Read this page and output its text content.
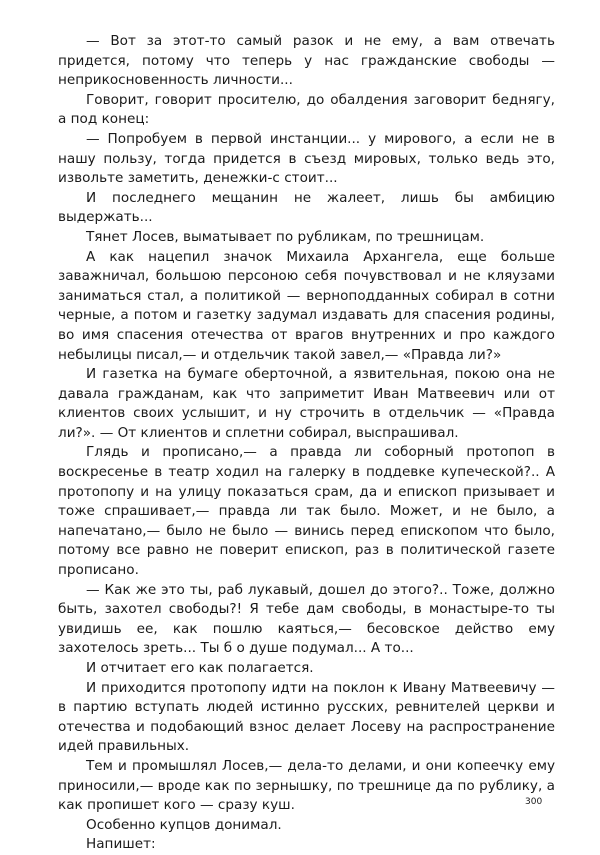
— Вот за этот-то самый разок и не ему, а вам отвечать придется, потому что теперь у нас гражданские свободы — неприкосновенность личности...

Говорит, говорит просителю, до обалдения заговорит беднягу, а под конец:

— Попробуем в первой инстанции... у мирового, а если не в нашу пользу, тогда придется в съезд мировых, только ведь это, извольте заметить, денежки-с стоит...

И последнего мещанин не жалеет, лишь бы амбицию выдержать...

Тянет Лосев, выматывает по рубликам, по трешницам.

А как нацепил значок Михаила Архангела, еще больше заважничал, большою персоною себя почувствовал и не кляузами заниматься стал, а политикой — верноподданных собирал в сотни черные, а потом и газетку задумал издавать для спасения родины, во имя спасения отечества от врагов внутренних и про каждого небылицы писал,— и отдельчик такой завел,— «Правда ли?»

И газетка на бумаге оберточной, а язвительная, покою она не давала гражданам, как что заприметит Иван Матвеевич или от клиентов своих услышит, и ну строчить в отдельчик — «Правда ли?». — От клиентов и сплетни собирал, выспрашивал.

Глядь и прописано,— а правда ли соборный протопоп в воскресенье в театр ходил на галерку в поддевке купеческой?.. А протопопу и на улицу показаться срам, да и епископ призывает и тоже спрашивает,— правда ли так было. Может, и не было, а напечатано,— было не было — винись перед епископом что было, потому все равно не поверит епископ, раз в политической газете прописано.

— Как же это ты, раб лукавый, дошел до этого?.. Тоже, должно быть, захотел свободы?! Я тебе дам свободы, в монастыре-то ты увидишь ее, как пошлю каяться,— бесовское действо ему захотелось зреть... Ты б о душе подумал... А то...

И отчитает его как полагается.

И приходится протопопу идти на поклон к Ивану Матвеевичу — в партию вступать людей истинно русских, ревнителей церкви и отечества и подобающий взнос делает Лосеву на распространение идей правильных.

Тем и промышлял Лосев,— дела-то делами, и они копеечку ему приносили,— вроде как по зернышку, по трешнице да по рублику, а как пропишет кого — сразу куш.

Особенно купцов донимал.

Напишет:

300
